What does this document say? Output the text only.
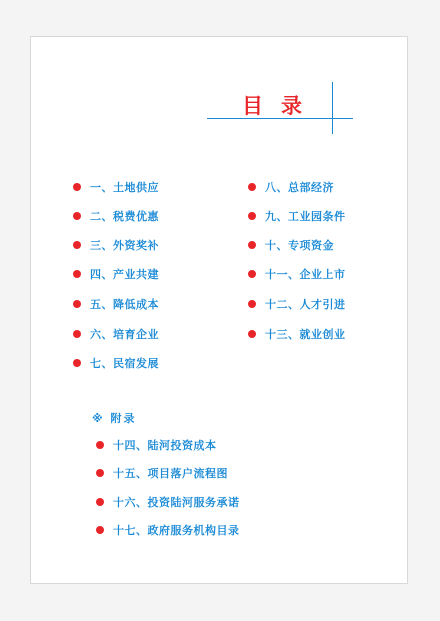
目录
一、土地供应
二、税费优惠
三、外资奖补
四、产业共建
五、降低成本
六、培育企业
七、民宿发展
八、总部经济
九、工业园条件
十、专项资金
十一、企业上市
十二、人才引进
十三、就业创业
※ 附录
十四、陆河投资成本
十五、项目落户流程图
十六、投资陆河服务承诺
十七、政府服务机构目录
